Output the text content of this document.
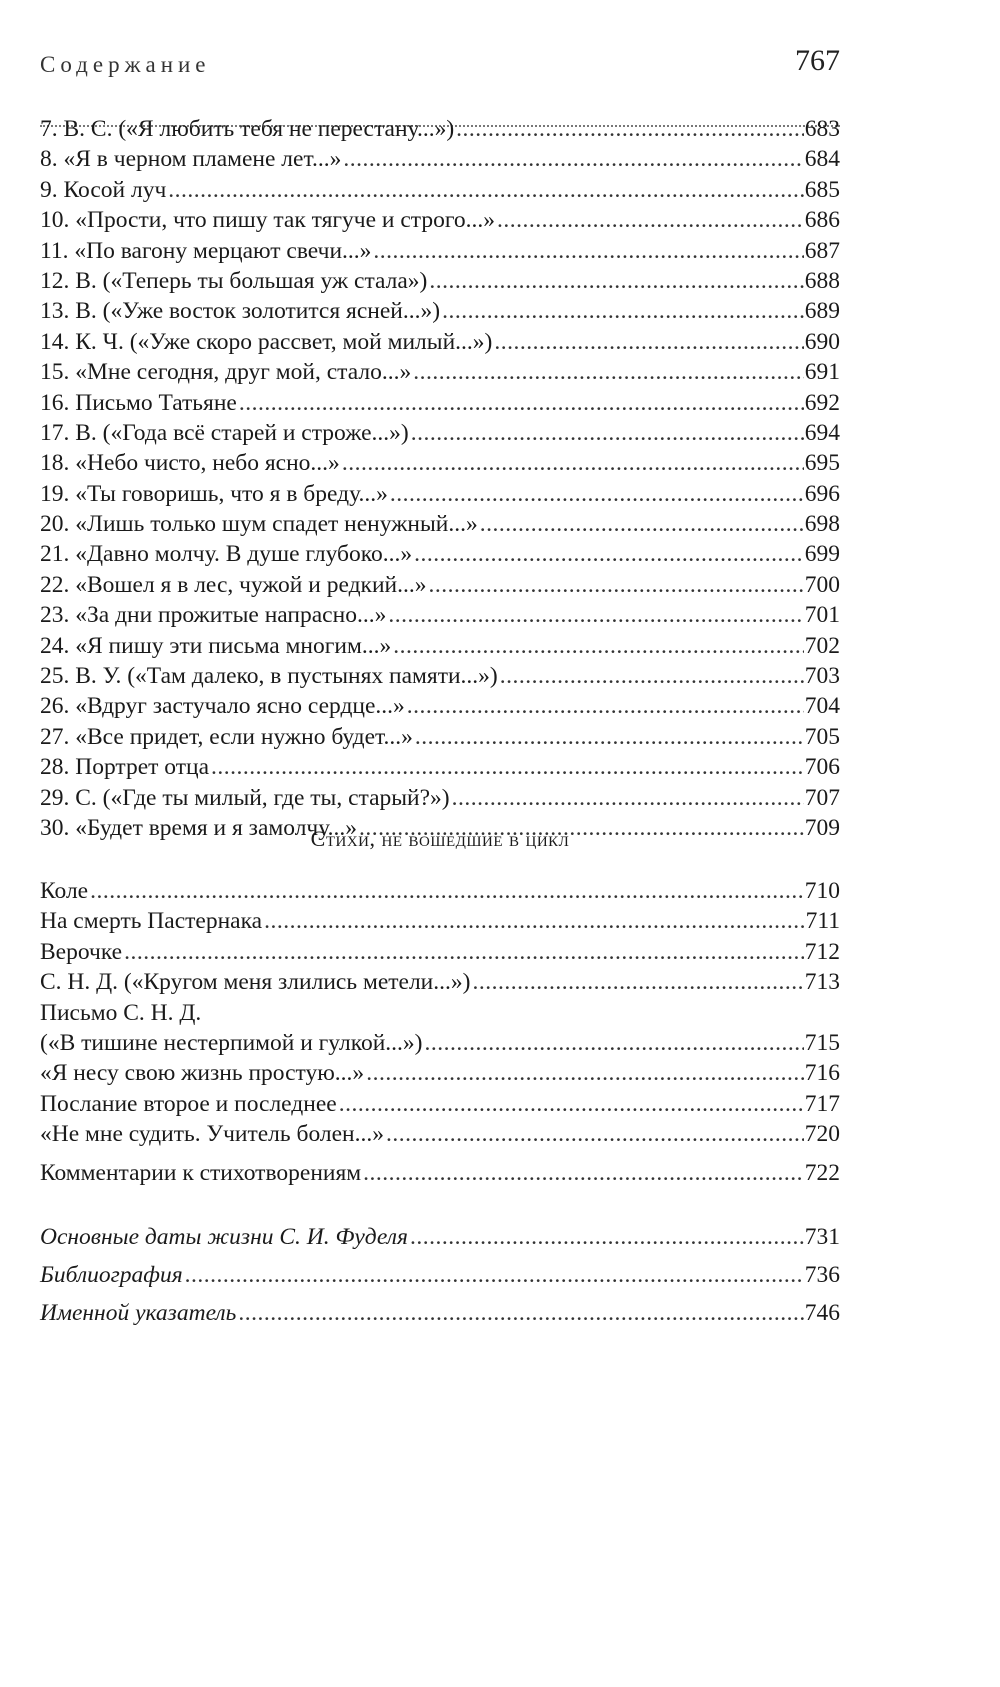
Содержание	767
7. В. С. («Я любить тебя не перестану...») .....	683
8. «Я в черном пламене лет...» .....	684
9. Косой луч .....	685
10. «Прости, что пишу так тягуче и строго...» .....	686
11. «По вагону мерцают свечи...» .....	687
12. В. («Теперь ты большая уж стала») .....	688
13. В. («Уже восток золотится ясней...») .....	689
14. К. Ч. («Уже скоро рассвет, мой милый...») .....	690
15. «Мне сегодня, друг мой, стало...» .....	691
16. Письмо Татьяне .....	692
17. В. («Года всё старей и строже...») .....	694
18. «Небо чисто, небо ясно...» .....	695
19. «Ты говоришь, что я в бреду...» .....	696
20. «Лишь только шум спадет ненужный...» .....	698
21. «Давно молчу. В душе глубоко...» .....	699
22. «Вошел я в лес, чужой и редкий...» .....	700
23. «За дни прожитые напрасно...» .....	701
24. «Я пишу эти письма многим...» .....	702
25. В. У. («Там далеко, в пустынях памяти...») .....	703
26. «Вдруг застучало ясно сердце...» .....	704
27. «Все придет, если нужно будет...» .....	705
28. Портрет отца .....	706
29. С. («Где ты милый, где ты, старый?») .....	707
30. «Будет время и я замолчу...» .....	709
Стихи, не вошедшие в цикл
Коле .....	710
На смерть Пастернака .....	711
Верочке .....	712
С. Н. Д. («Кругом меня злились метели...») .....	713
Письмо С. Н. Д.
(«В тишине нестерпимой и гулкой...») .....	715
«Я несу свою жизнь простую...» .....	716
Послание второе и последнее .....	717
«Не мне судить. Учитель болен...» .....	720
Комментарии к стихотворениям .....	722
Основные даты жизни С. И. Фуделя .....	731
Библиография .....	736
Именной указатель .....	746
